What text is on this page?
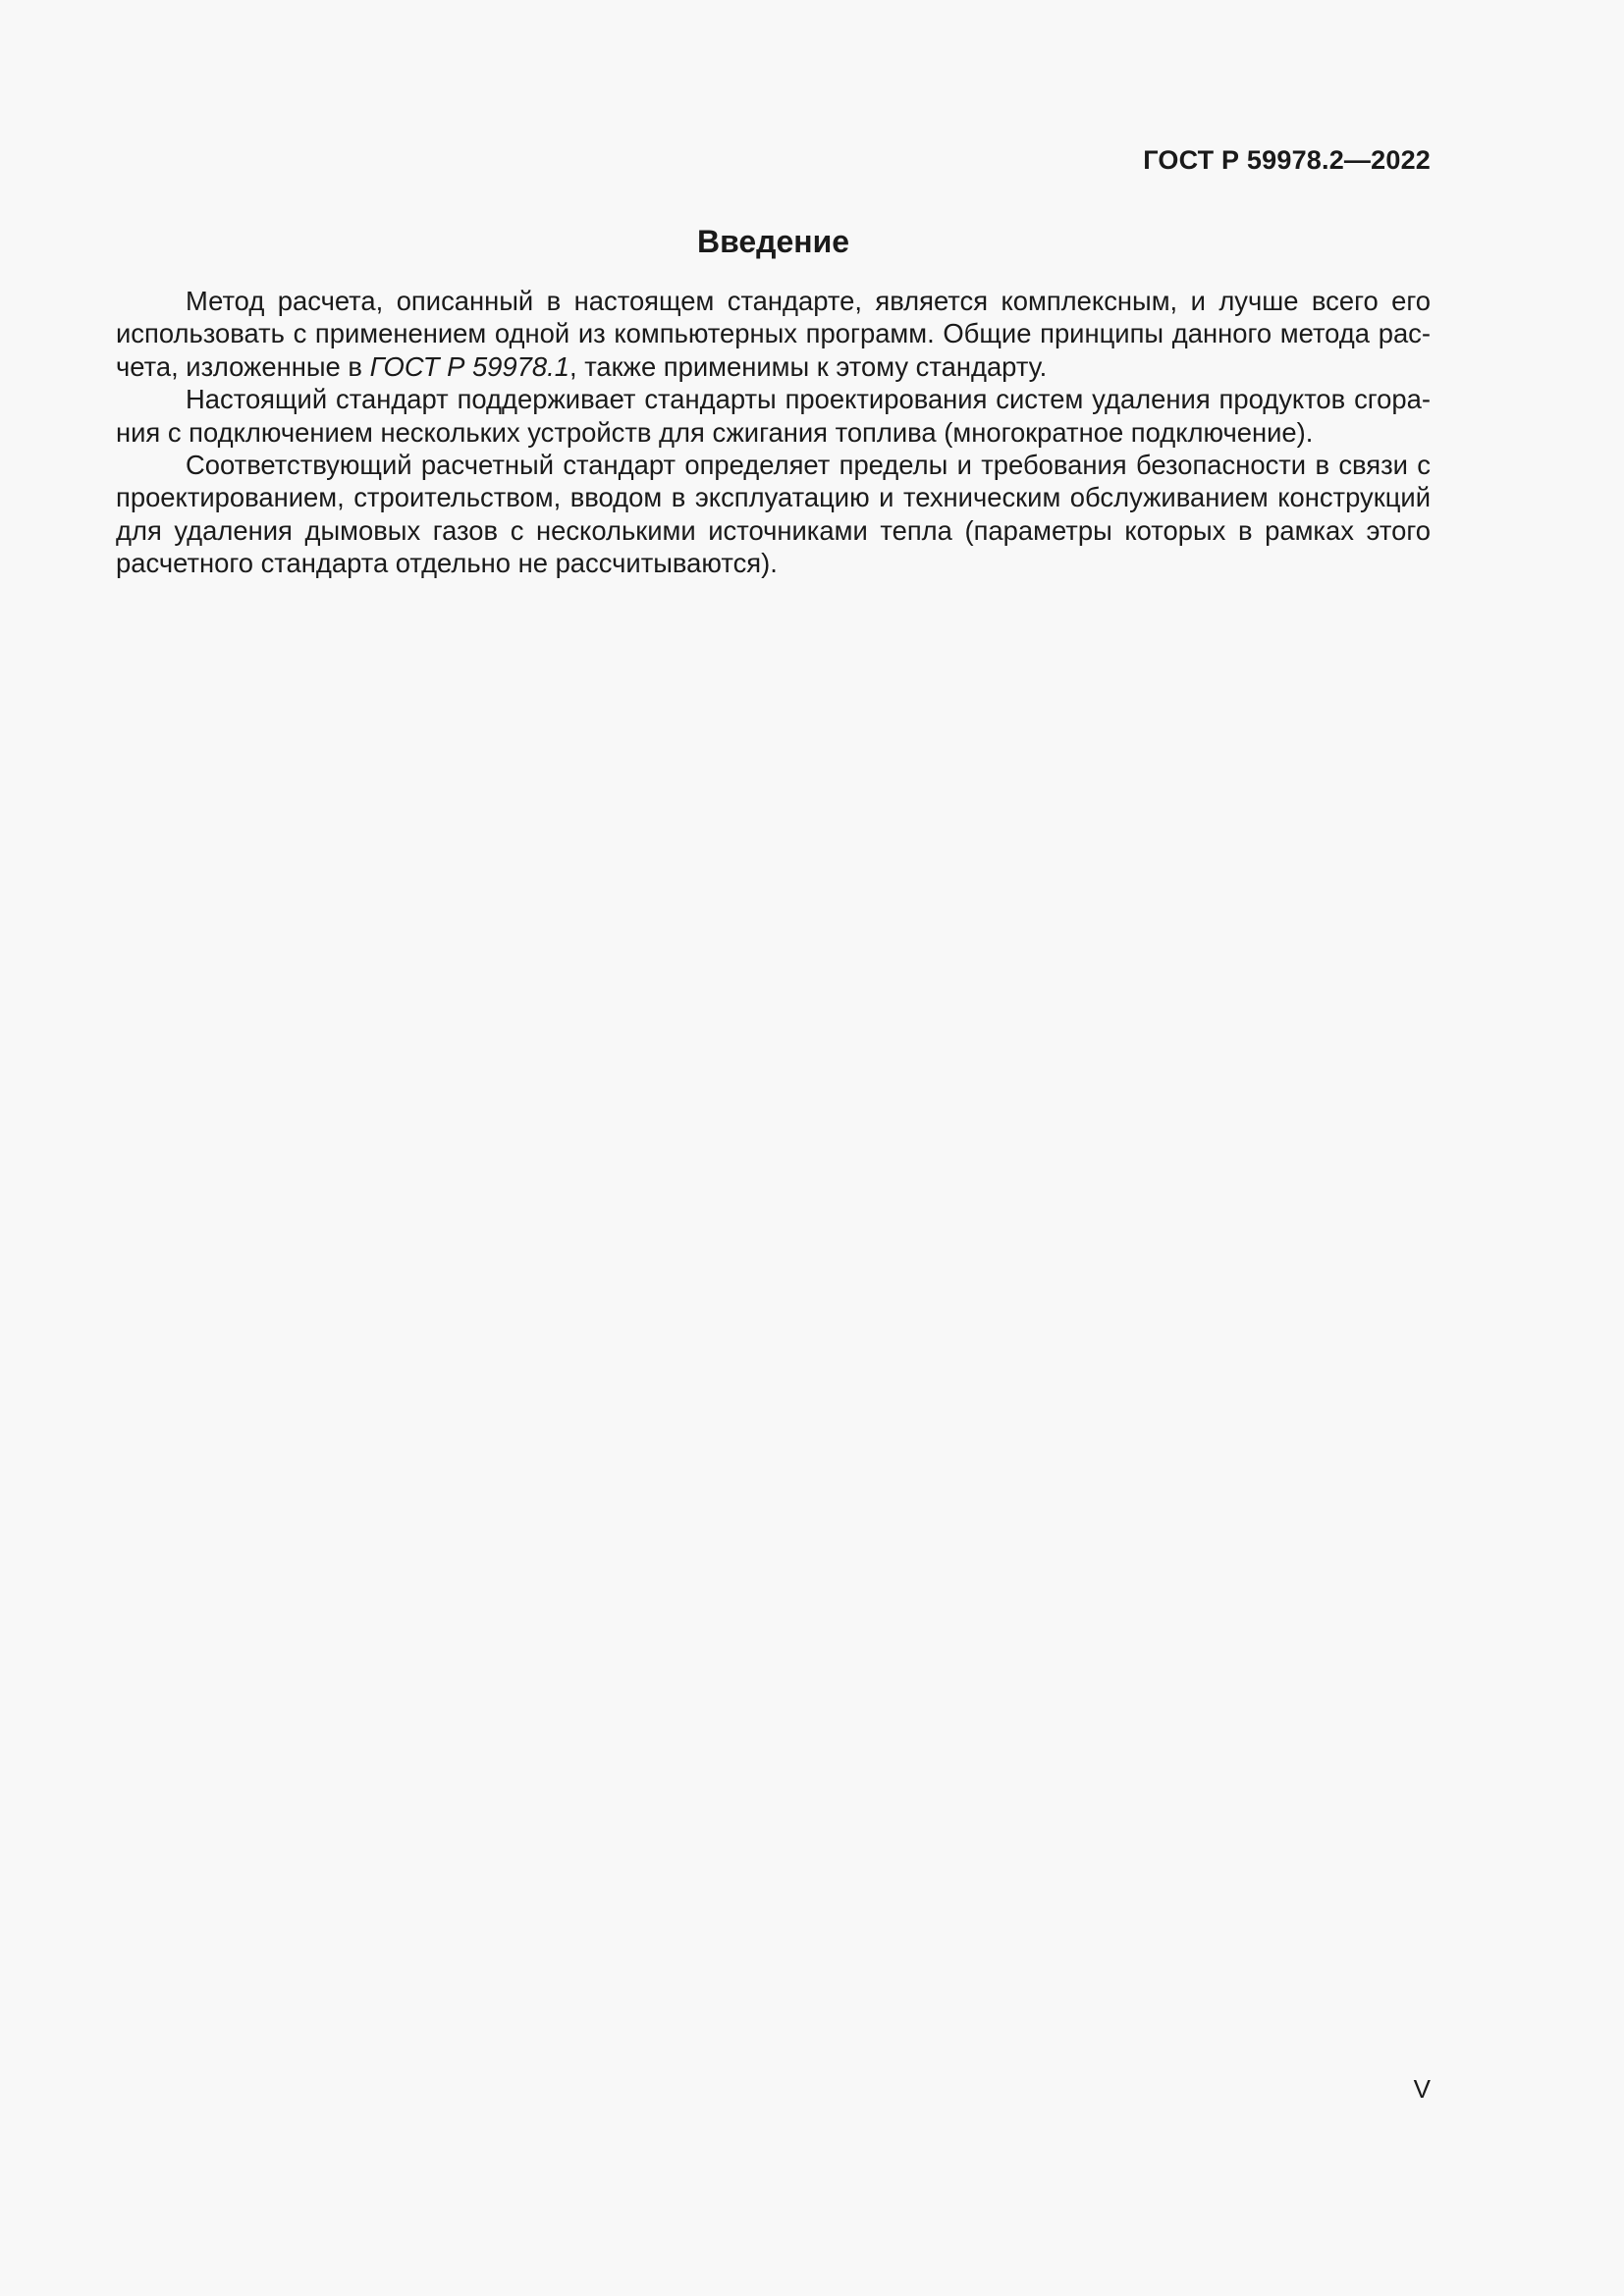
ГОСТ Р 59978.2—2022
Введение

Метод расчета, описанный в настоящем стандарте, является комплексным, и лучше всего его использовать с применением одной из компьютерных программ. Общие принципы данного метода расчета, изложенные в ГОСТ Р 59978.1, также применимы к этому стандарту.

Настоящий стандарт поддерживает стандарты проектирования систем удаления продуктов сгорания с подключением нескольких устройств для сжигания топлива (многократное подключение).

Соответствующий расчетный стандарт определяет пределы и требования безопасности в связи с проектированием, строительством, вводом в эксплуатацию и техническим обслуживанием конструкций для удаления дымовых газов с несколькими источниками тепла (параметры которых в рамках этого расчетного стандарта отдельно не рассчитываются).

V
